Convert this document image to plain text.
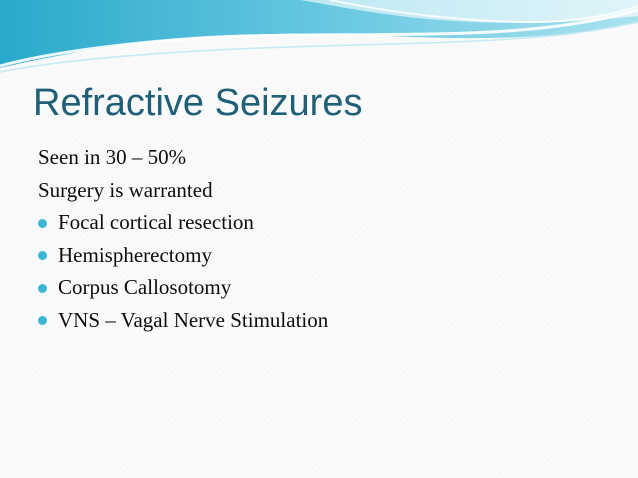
Refractive Seizures
Seen in 30 – 50%
Surgery is warranted
Focal cortical resection
Hemispherectomy
Corpus Callosotomy
VNS – Vagal Nerve Stimulation
